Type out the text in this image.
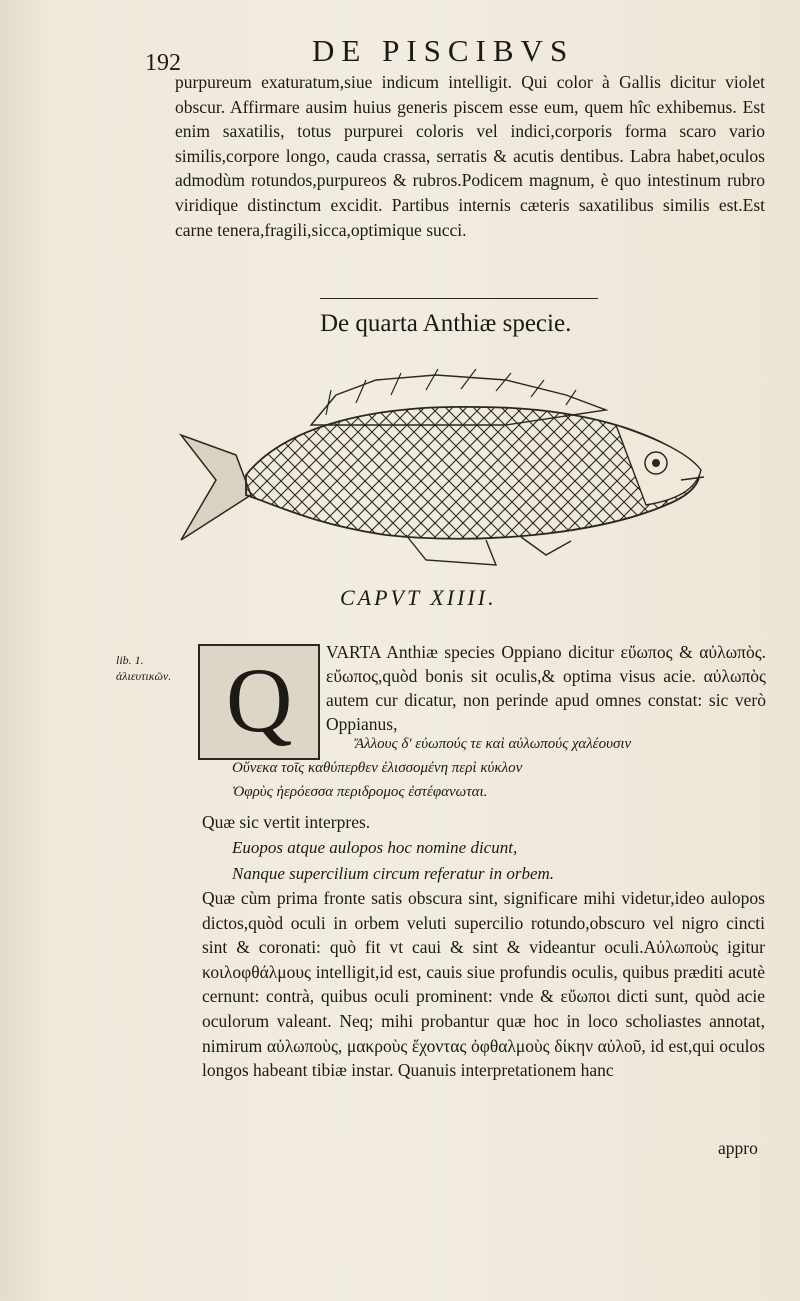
192	DE PISCIBVS
purpureum exaturatum,siue indicum intelligit. Qui color à Gallis dicitur violet obscur. Affirmare ausim huius generis piscem esse eum, quem hîc exhibemus. Est enim saxatilis, totus purpurei coloris vel indici,corporis forma scaro vario similis,corpore longo, cauda crassa, serratis & acutis dentibus. Labra habet,oculos admodùm rotundos,purpureos & rubros.Podicem magnum, è quo intestinum rubro viridique distinctum excidit. Partibus internis cæteris saxatilibus similis est.Est carne tenera,fragili,sicca,optimique succi.
De quarta Anthiæ specie.
CAPVT XIIII.
lib. 1. ἁλιευτικῶν. Q VARTA Anthiæ species Oppiano dicitur εὔωπος & αὐλωπὸς. εὔωπος,quòd bonis sit oculis,& optima visus acie. αὐλωπὸς autem cur dicatur, non perinde apud omnes constat: sic verò Oppianus,
Ἄλλους δ' εὐωπούς τε καὶ αὐλωπούς χαλέουσιν
Οὕνεκα τοῖς καθύπερθεν ἑλισσομένη περὶ κύκλον
Ὀφρὺς ἠερόεσσα περιδρομος ἐστέφανωται.
Quæ sic vertit interpres.
Euopos atque aulopos hoc nomine dicunt,
Nanque supercilium circum referatur in orbem.
Quæ cùm prima fronte satis obscura sint, significare mihi videtur,ideo aulopos dictos,quòd oculi in orbem veluti supercilio rotundo,obscuro vel nigro cincti sint & coronati: quò fit vt caui & sint & videantur oculi.Αὐλωποὺς igitur κοιλοφθάλμους intelligit,id est, cauis siue profundis oculis, quibus præditi acutè cernunt: contrà, quibus oculi prominent: vnde & εὔωποι dicti sunt, quòd acie oculorum valeant. Neq; mihi probantur quæ hoc in loco scholiastes annotat, nimirum αὐλωποὺς, μακροὺς ἔχοντας ὀφθαλμοὺς δίκην αὐλοῦ, id est,qui oculos longos habeant tibiæ instar. Quanuis interpretationem hanc
appro
